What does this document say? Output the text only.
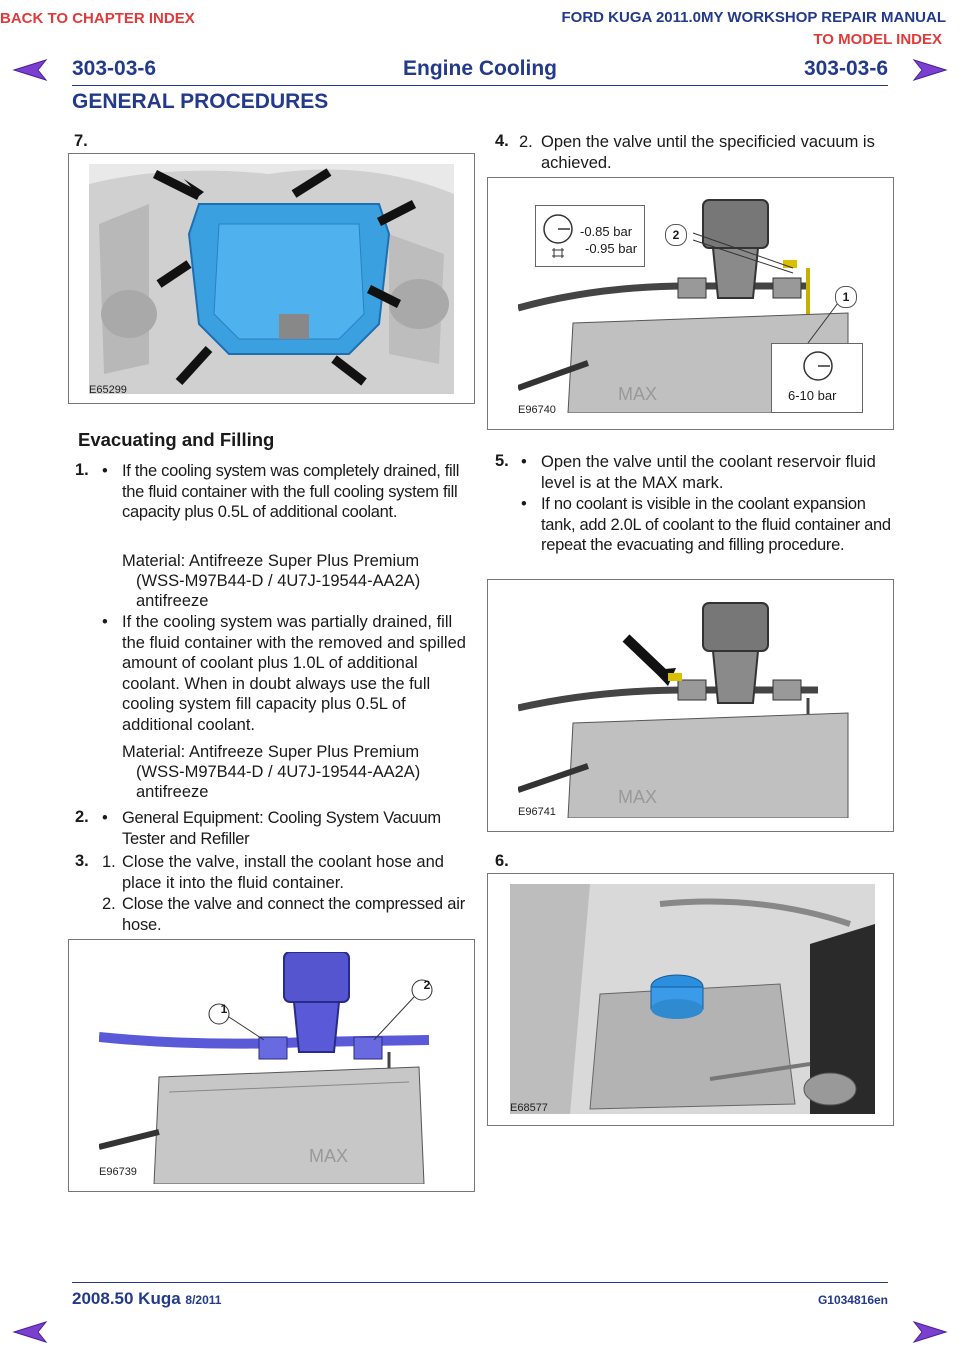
BACK TO CHAPTER INDEX	FORD KUGA 2011.0MY WORKSHOP REPAIR MANUAL
TO MODEL INDEX
303-03-6	Engine Cooling	303-03-6
GENERAL PROCEDURES
7.
E65299
Evacuating and Filling
1. • If the cooling system was completely drained, fill the fluid container with the full cooling system fill capacity plus 0.5L of additional coolant.
Material: Antifreeze Super Plus Premium
(WSS-M97B44-D / 4U7J-19544-AA2A)
antifreeze
• If the cooling system was partially drained, fill the fluid container with the removed and spilled amount of coolant plus 1.0L of additional coolant. When in doubt always use the full cooling system fill capacity plus 0.5L of additional coolant.
Material: Antifreeze Super Plus Premium
(WSS-M97B44-D / 4U7J-19544-AA2A)
antifreeze
2. • General Equipment: Cooling System Vacuum Tester and Refiller
3. 1. Close the valve, install the coolant hose and place it into the fluid container.
2. Close the valve and connect the compressed air hose.
MAX
1
2
E96739
4. 2. Open the valve until the specificied vacuum is achieved.
MAX
-0.85 bar
-0.95 bar
2
1
6-10 bar
E96740
5. • Open the valve until the coolant reservoir fluid level is at the MAX mark.
• If no coolant is visible in the coolant expansion tank, add 2.0L of coolant to the fluid container and repeat the evacuating and filling procedure.
MAX
E96741
6.
E68577
2008.50 Kuga 8/2011	G1034816en
